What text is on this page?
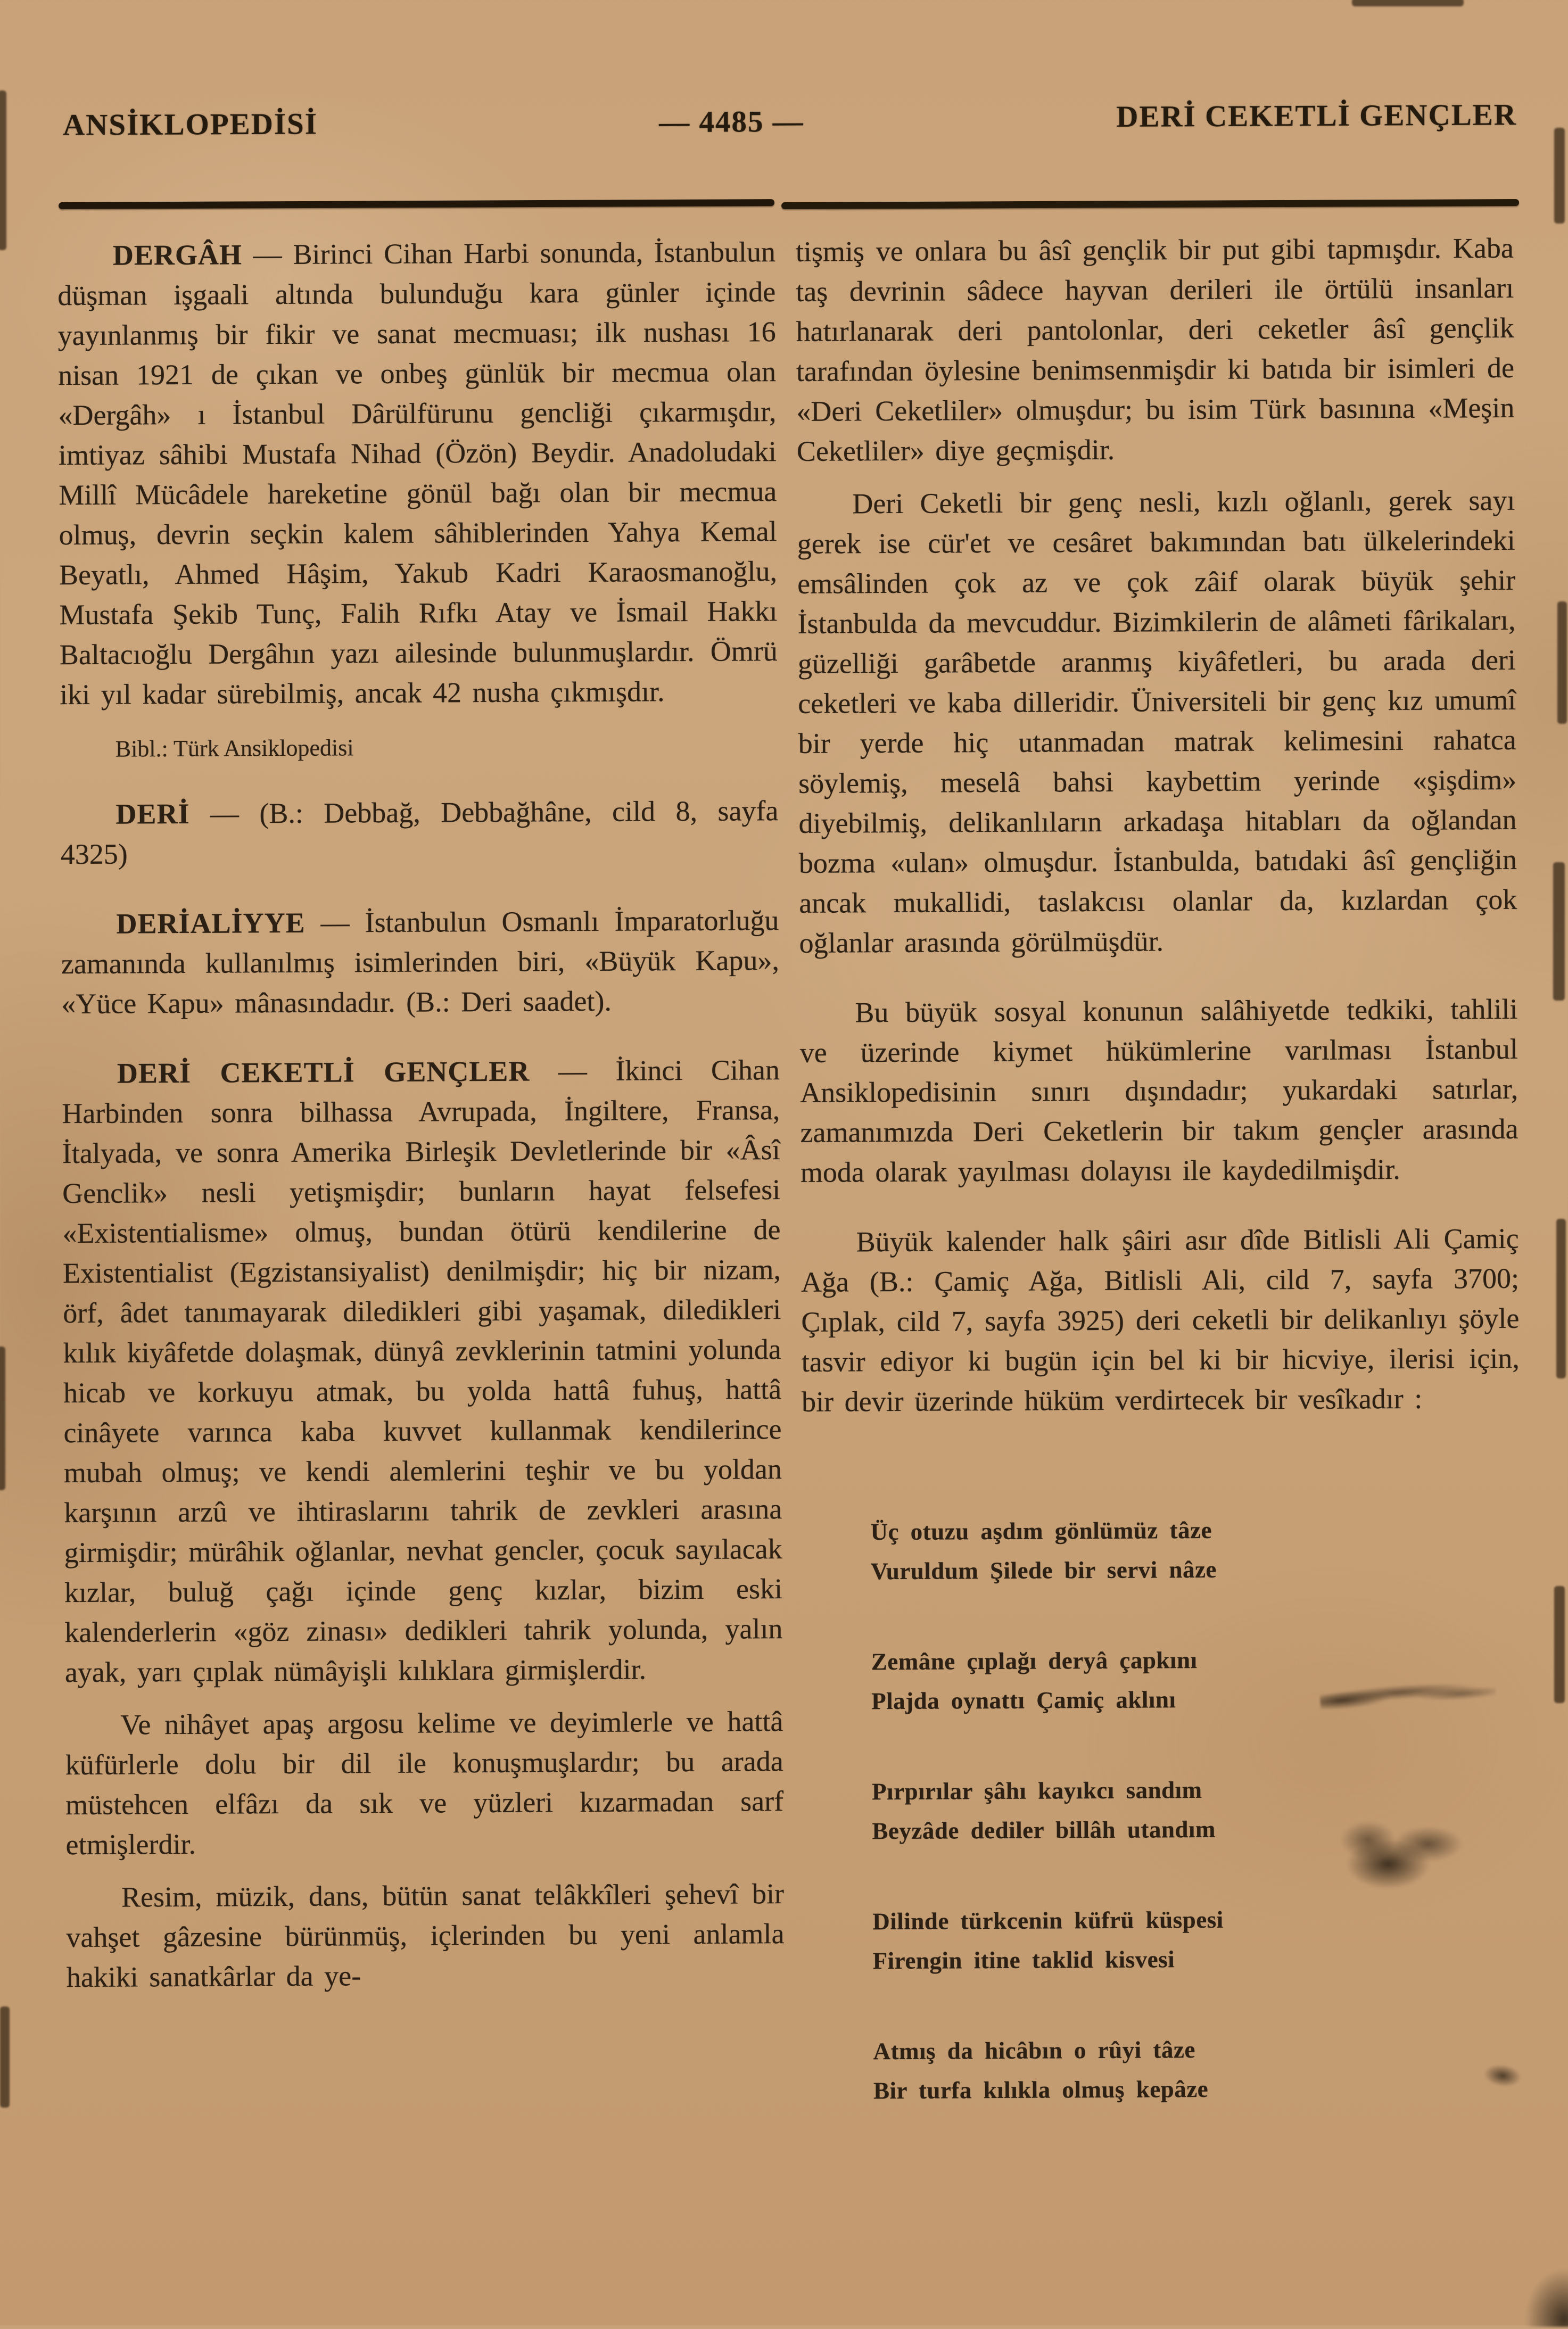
ANSİKLOPEDİSİ	— 4485 —	DERİ CEKETLİ GENÇLER

DERGÂH — Birinci Cihan Harbi sonunda, İstanbulun düşman işgaali altında bulunduğu kara günler içinde yayınlanmış bir fikir ve sanat mecmuası; ilk nushası 16 nisan 1921 de çıkan ve onbeş günlük bir mecmua olan «Dergâh» ı İstanbul Dârülfürunu gencliği çıkarmışdır, imtiyaz sâhibi Mustafa Nihad (Özön) Beydir. Anadoludaki Millî Mücâdele hareketine gönül bağı olan bir mecmua olmuş, devrin seçkin kalem sâhiblerinden Yahya Kemal Beyatlı, Ahmed Hâşim, Yakub Kadri Karaosmanoğlu, Mustafa Şekib Tunç, Falih Rıfkı Atay ve İsmail Hakkı Baltacıoğlu Dergâhın yazı ailesinde bulunmuşlardır. Ömrü iki yıl kadar sürebilmiş, ancak 42 nusha çıkmışdır.

Bibl.: Türk Ansiklopedisi

DERİ — (B.: Debbağ, Debbağhâne, cild 8, sayfa 4325)

DERİALİYYE — İstanbulun Osmanlı İmparatorluğu zamanında kullanılmış isimlerinden biri, «Büyük Kapu», «Yüce Kapu» mânasındadır. (B.: Deri saadet).

DERİ CEKETLİ GENÇLER — İkinci Cihan Harbinden sonra bilhassa Avrupada, İngiltere, Fransa, İtalyada, ve sonra Amerika Birleşik Devletlerinde bir «Âsî Genclik» nesli yetişmişdir; bunların hayat felsefesi «Existentialisme» olmuş, bundan ötürü kendilerine de Existentialist (Egzistansiyalist) denilmişdir; hiç bir nizam, örf, âdet tanımayarak diledikleri gibi yaşamak, diledikleri kılık kiyâfetde dolaşmak, dünyâ zevklerinin tatmini yolunda hicab ve korkuyu atmak, bu yolda hattâ fuhuş, hattâ cinâyete varınca kaba kuvvet kullanmak kendilerince mubah olmuş; ve kendi alemlerini teşhir ve bu yoldan karşının arzû ve ihtiraslarını tahrik de zevkleri arasına girmişdir; mürâhik oğlanlar, nevhat gencler, çocuk sayılacak kızlar, buluğ çağı içinde genç kızlar, bizim eski kalenderlerin «göz zinası» dedikleri tahrik yolunda, yalın ayak, yarı çıplak nümâyişli kılıklara girmişlerdir.

Ve nihâyet apaş argosu kelime ve deyimlerle ve hattâ küfürlerle dolu bir dil ile konuşmuşlardır; bu arada müstehcen elfâzı da sık ve yüzleri kızarmadan sarf etmişlerdir.

Resim, müzik, dans, bütün sanat telâkkîleri şehevî bir vahşet gâzesine bürünmüş, içlerinden bu yeni anlamla hakiki sanatkârlar da ye-

tişmiş ve onlara bu âsî gençlik bir put gibi tapmışdır. Kaba taş devrinin sâdece hayvan derileri ile örtülü insanları hatırlanarak deri pantolonlar, deri ceketler âsî gençlik tarafından öylesine benimsenmişdir ki batıda bir isimleri de «Deri Ceketliler» olmuşdur; bu isim Türk basınına «Meşin Ceketliler» diye geçmişdir.

Deri Ceketli bir genç nesli, kızlı oğlanlı, gerek sayı gerek ise cür'et ve cesâret bakımından batı ülkelerindeki emsâlinden çok az ve çok zâif olarak büyük şehir İstanbulda da mevcuddur. Bizimkilerin de alâmeti fârikaları, güzelliği garâbetde aranmış kiyâfetleri, bu arada deri ceketleri ve kaba dilleridir. Üniversiteli bir genç kız umumî bir yerde hiç utanmadan matrak kelimesini rahatca söylemiş, meselâ bahsi kaybettim yerinde «şişdim» diyebilmiş, delikanlıların arkadaşa hitabları da oğlandan bozma «ulan» olmuşdur. İstanbulda, batıdaki âsî gençliğin ancak mukallidi, taslakcısı olanlar da, kızlardan çok oğlanlar arasında görülmüşdür.

Bu büyük sosyal konunun salâhiyetde tedkiki, tahlili ve üzerinde kiymet hükümlerine varılması İstanbul Ansiklopedisinin sınırı dışındadır; yukardaki satırlar, zamanımızda Deri Ceketlerin bir takım gençler arasında moda olarak yayılması dolayısı ile kaydedilmişdir.

Büyük kalender halk şâiri asır dîde Bitlisli Ali Çamiç Ağa (B.: Çamiç Ağa, Bitlisli Ali, cild 7, sayfa 3700; Çıplak, cild 7, sayfa 3925) deri ceketli bir delikanlıyı şöyle tasvir ediyor ki bugün için bel ki bir hicviye, ilerisi için, bir devir üzerinde hüküm verdirtecek bir vesîkadır :

Üç otuzu aşdım gönlümüz tâze

Vuruldum Şilede bir servi nâze

Zemâne çıplağı deryâ çapkını

Plajda oynattı Çamiç aklını

Pırpırılar şâhı kayıkcı sandım

Beyzâde dediler billâh utandım

Dilinde türkcenin küfrü küspesi

Firengin itine taklid kisvesi

Atmış da hicâbın o rûyi tâze

Bir turfa kılıkla olmuş kepâze
